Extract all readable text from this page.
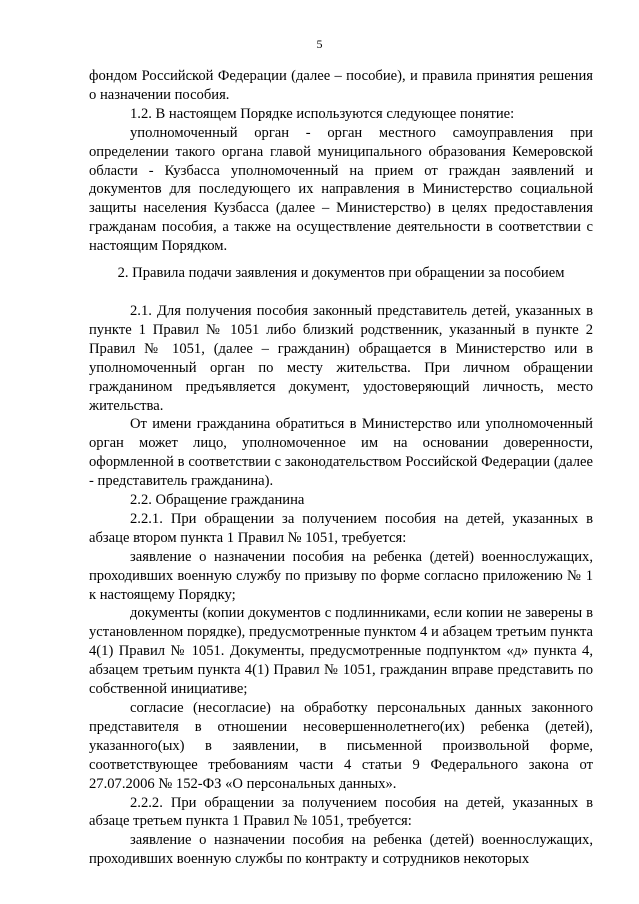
5

фондом Российской Федерации (далее – пособие), и правила принятия решения о назначении пособия.

1.2. В настоящем Порядке используются следующее понятие:

уполномоченный орган - орган местного самоуправления при определении такого органа главой муниципального образования Кемеровской области - Кузбасса уполномоченный на прием от граждан заявлений и документов для последующего их направления в Министерство социальной защиты населения Кузбасса (далее – Министерство) в целях предоставления гражданам пособия, а также на осуществление деятельности в соответствии с настоящим Порядком.

2. Правила подачи заявления и документов при обращении за пособием

2.1. Для получения пособия законный представитель детей, указанных в пункте 1 Правил № 1051 либо близкий родственник, указанный в пункте 2 Правил № 1051, (далее – гражданин) обращается в Министерство или в уполномоченный орган по месту жительства. При личном обращении гражданином предъявляется документ, удостоверяющий личность, место жительства.

От имени гражданина обратиться в Министерство или уполномоченный орган может лицо, уполномоченное им на основании доверенности, оформленной в соответствии с законодательством Российской Федерации (далее - представитель гражданина).

2.2. Обращение гражданина

2.2.1. При обращении за получением пособия на детей, указанных в абзаце втором пункта 1 Правил № 1051, требуется:

заявление о назначении пособия на ребенка (детей) военнослужащих, проходивших военную службу по призыву по форме согласно приложению № 1 к настоящему Порядку;

документы (копии документов с подлинниками, если копии не заверены в установленном порядке), предусмотренные пунктом 4 и абзацем третьим пункта 4(1) Правил № 1051. Документы, предусмотренные подпунктом «д» пункта 4, абзацем третьим пункта 4(1) Правил № 1051, гражданин вправе представить по собственной инициативе;

согласие (несогласие) на обработку персональных данных законного представителя в отношении несовершеннолетнего(их) ребенка (детей), указанного(ых) в заявлении, в письменной произвольной форме, соответствующее требованиям части 4 статьи 9 Федерального закона от 27.07.2006 № 152-ФЗ «О персональных данных».

2.2.2. При обращении за получением пособия на детей, указанных в абзаце третьем пункта 1 Правил № 1051, требуется:

заявление о назначении пособия на ребенка (детей) военнослужащих, проходивших военную службы по контракту и сотрудников некоторых
